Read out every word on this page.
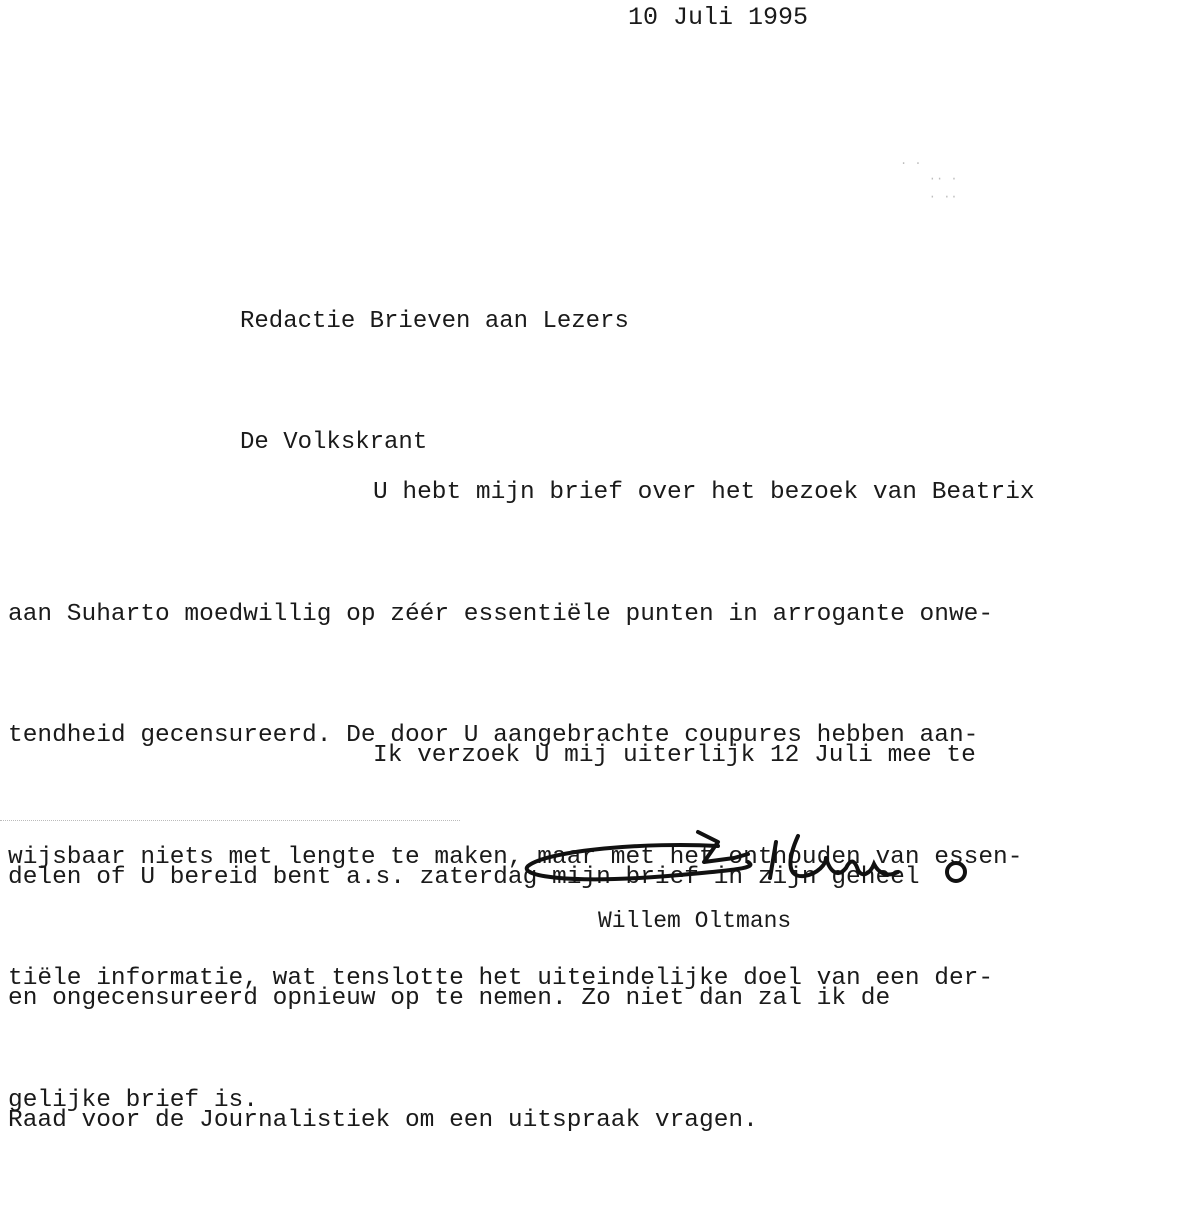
10 Juli 1995
. .
·· ·
· ··

Redactie Brieven aan Lezers

De Volkskrant

U hebt mijn brief over het bezoek van Beatrix

aan Suharto moedwillig op zéér essentiële punten in arrogante onwe-

tendheid gecensureerd. De door U aangebrachte coupures hebben aan-

wijsbaar niets met lengte te maken, maar met het onthouden van essen-

tiële informatie, wat tenslotte het uiteindelijke doel van een der-

gelijke brief is.

Ik verzoek U mij uiterlijk 12 Juli mee te

delen of U bereid bent a.s. zaterdag mijn brief in zijn geheel

en ongecensureerd opnieuw op te nemen. Zo niet dan zal ik de

Raad voor de Journalistiek om een uitspraak vragen.

Willem Oltmans
